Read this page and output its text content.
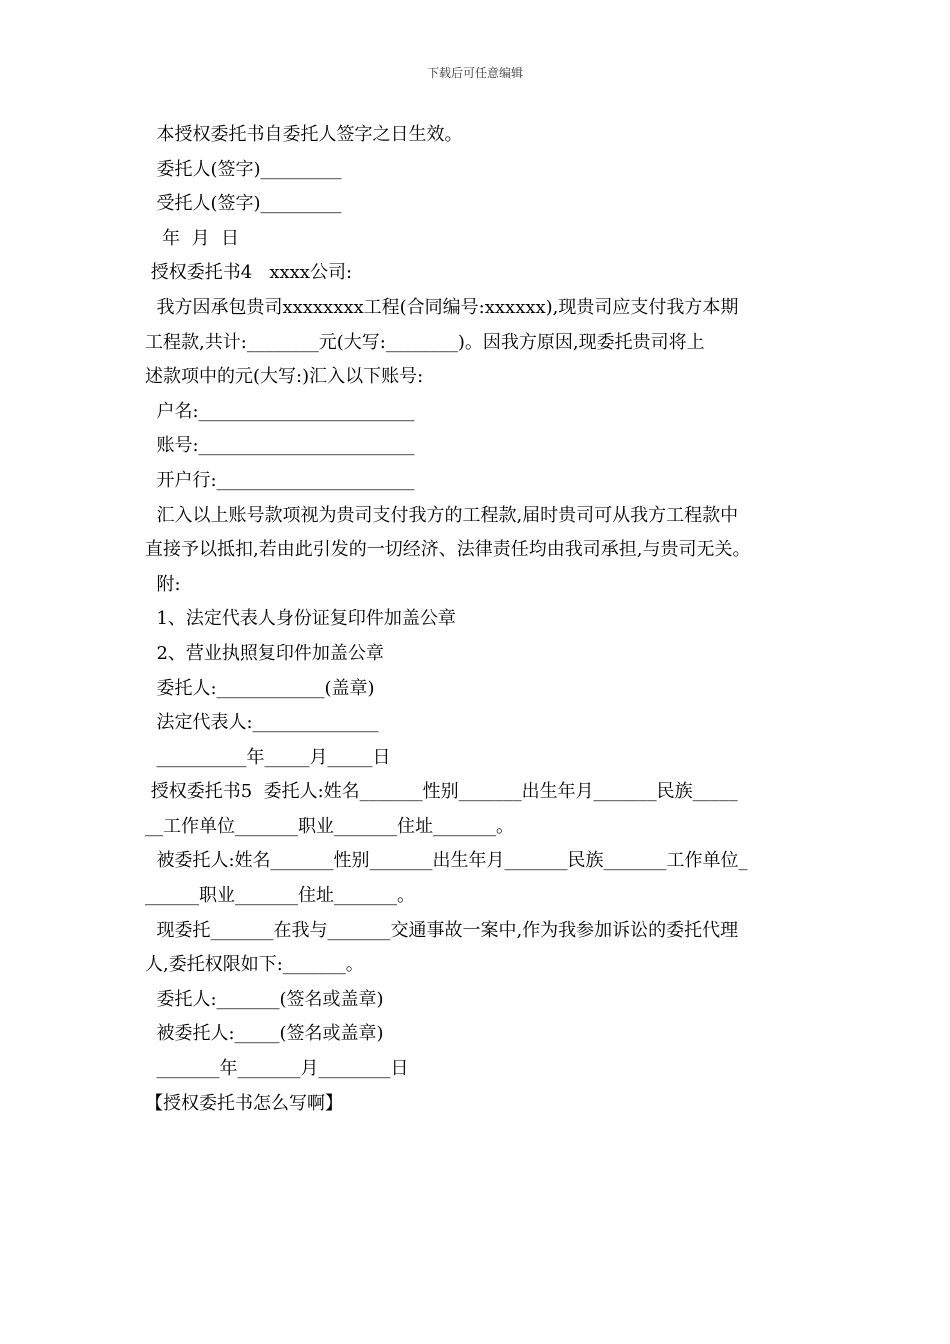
下载后可任意编辑

本授权委托书自委托人签字之日生效。

委托人(签字)_________

受托人(签字)_________

年  月  日

授权委托书4   xxxx公司:

我方因承包贵司xxxxxxxx工程(合同编号:xxxxxx),现贵司应支付我方本期

工程款,共计:________元(大写:________)。因我方原因,现委托贵司将上

述款项中的元(大写:)汇入以下账号:

户名:________________________

账号:________________________

开户行:______________________

汇入以上账号款项视为贵司支付我方的工程款,届时贵司可从我方工程款中

直接予以抵扣,若由此引发的一切经济、法律责任均由我司承担,与贵司无关。

附:

1、法定代表人身份证复印件加盖公章

2、营业执照复印件加盖公章

委托人:____________(盖章)

法定代表人:______________

__________年_____月_____日

授权委托书5  委托人:姓名_______性别_______出生年月_______民族_____

__工作单位_______职业_______住址_______。

被委托人:姓名_______性别_______出生年月_______民族_______工作单位_

______职业_______住址_______。

现委托_______在我与_______交通事故一案中,作为我参加诉讼的委托代理

人,委托权限如下:_______。

委托人:_______(签名或盖章)

被委托人:_____(签名或盖章)

_______年_______月________日

【授权委托书怎么写啊】
